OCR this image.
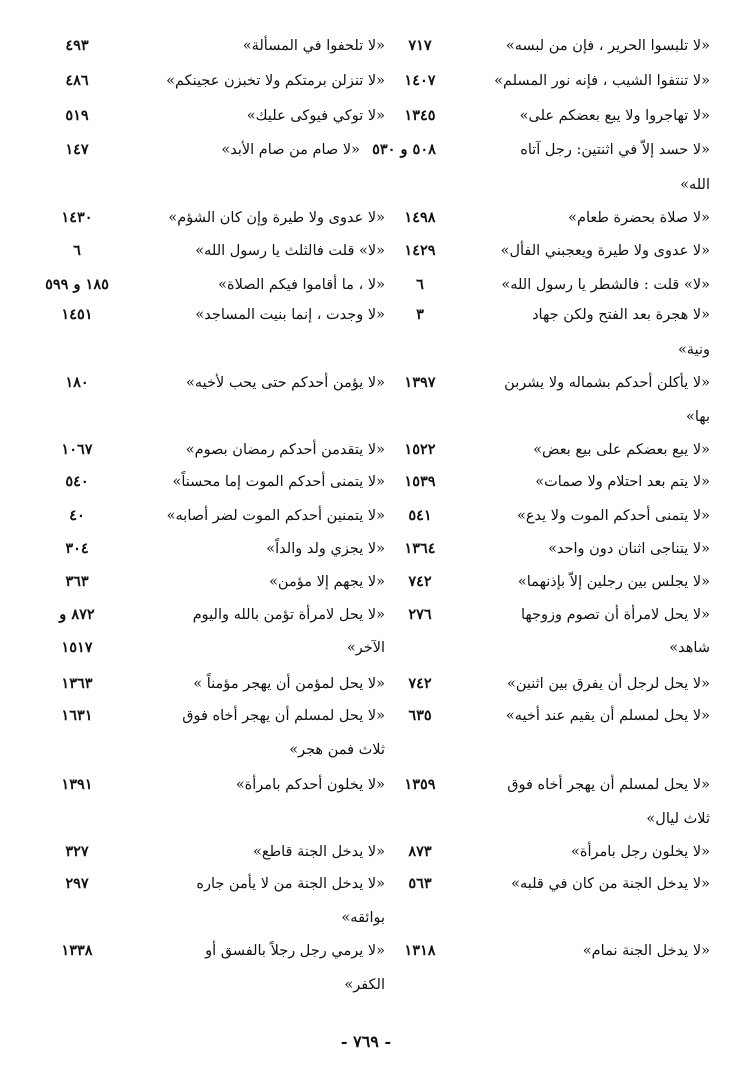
«لا تلبسوا الحرير ، فإن من لبسه»
٧١٧
«لا تلحفوا في المسألة»
٤٩٣
«لا تنتفوا الشيب ، فإنه نور المسلم»
١٤٠٧
«لا تنزلن برمتكم ولا تخبزن عجينكم»
٤٨٦
«لا تهاجروا ولا يبع بعضكم على»
١٣٤٥
«لا توكي فيوكى عليك»
٥١٩
«لا حسد إلاّ في اثنتين: رجل آتاه
٥٠٨ و ٥٣٠
«لا صام من صام الأبد»
١٤٧
الله»
«لا صلاة بحضرة طعام»
١٤٩٨
«لا عدوى ولا طيرة وإن كان الشؤم»
١٤٣٠
«لا عدوى ولا طيرة ويعجبني الفأل»
١٤٢٩
«لا» قلت فالثلث يا رسول الله»
٦
«لا» قلت : فالشطر يا رسول الله»
٦
«لا ، ما أقاموا فيكم الصلاة»
١٨٥ و ٥٩٩
«لا هجرة بعد الفتح ولكن جهاد
٣
«لا وجدت ، إنما بنيت المساجد»
١٤٥١
ونية»
«لا يأكلن أحدكم بشماله ولا يشربن
١٣٩٧
«لا يؤمن أحدكم حتى يحب لأخيه»
١٨٠
بها»
«لا يبع بعضكم على بيع بعض»
١٥٢٢
«لا يتقدمن أحدكم رمضان بصوم»
١٠٦٧
«لا يتم بعد احتلام ولا صمات»
١٥٣٩
«لا يتمنى أحدكم الموت إما محسناً»
٥٤٠
«لا يتمنى أحدكم الموت ولا يدع»
٥٤١
«لا يتمنين أحدكم الموت لضر أصابه»
٤٠
«لا يتناجى اثنان دون واحد»
١٣٦٤
«لا يجزي ولد والداً»
٣٠٤
«لا يجلس بين رجلين إلاّ بإذنهما»
٧٤٢
«لا يجهم إلا مؤمن»
٣٦٣
«لا يحل لامرأة أن تصوم وزوجها
٢٧٦
«لا يحل لامرأة تؤمن بالله واليوم
٨٧٢ و
شاهد»
الآخر»
١٥١٧
«لا يحل لرجل أن يفرق بين اثنين»
٧٤٢
«لا يحل لمؤمن أن يهجر مؤمناً »
١٣٦٣
«لا يحل لمسلم أن يقيم عند أخيه»
٦٣٥
«لا يحل لمسلم أن يهجر أخاه فوق
١٦٣١
ثلاث فمن هجر»
«لا يحل لمسلم أن يهجر أخاه فوق
١٣٥٩
«لا يخلون أحدكم بامرأة»
١٣٩١
ثلاث ليال»
«لا يخلون رجل بامرأة»
٨٧٣
«لا يدخل الجنة قاطع»
٣٢٧
«لا يدخل الجنة من كان في قلبه»
٥٦٣
«لا يدخل الجنة من لا يأمن جاره
٢٩٧
بوائقه»
«لا يدخل الجنة نمام»
١٣١٨
«لا يرمي رجل رجلاً بالفسق أو
١٣٣٨
الكفر»
- ٧٦٩ -
